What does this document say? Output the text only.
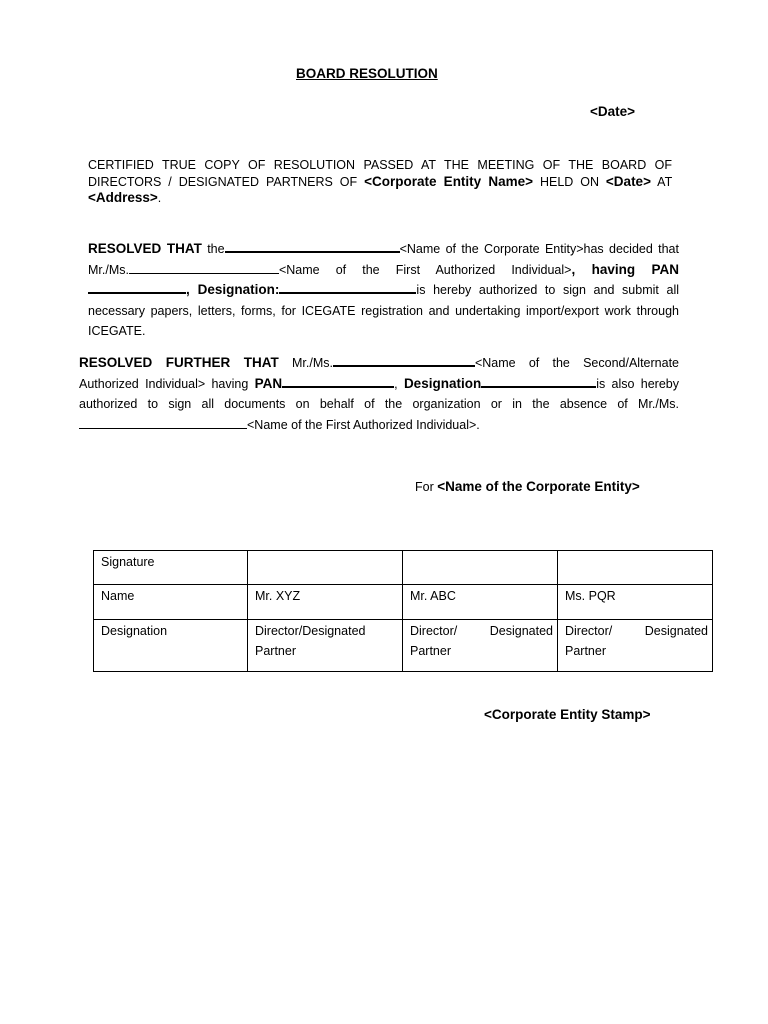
BOARD RESOLUTION
<Date>
CERTIFIED TRUE COPY OF RESOLUTION PASSED AT THE MEETING OF THE BOARD OF DIRECTORS / DESIGNATED PARTNERS OF <Corporate Entity Name> HELD ON <Date> AT <Address>.
RESOLVED THAT the	<Name of the Corporate Entity>has decided that Mr./Ms.	<Name of the First Authorized Individual>, having PAN, Designation:	is hereby authorized to sign and submit all necessary papers, letters, forms, for ICEGATE registration and undertaking import/export work through ICEGATE.
RESOLVED FURTHER THAT Mr./Ms.	<Name of the Second/Alternate Authorized Individual> having PAN	, Designation	is also hereby authorized to sign all documents on behalf of the organization or in the absence of Mr./Ms.<Name of the First Authorized Individual>.
For <Name of the Corporate Entity>
Signature			
Name	Mr. XYZ	Mr. ABC	Ms. PQR
Designation	Director/Designated Partner	Director/ Designated Partner	Director/ Designated Partner
<Corporate Entity Stamp>
